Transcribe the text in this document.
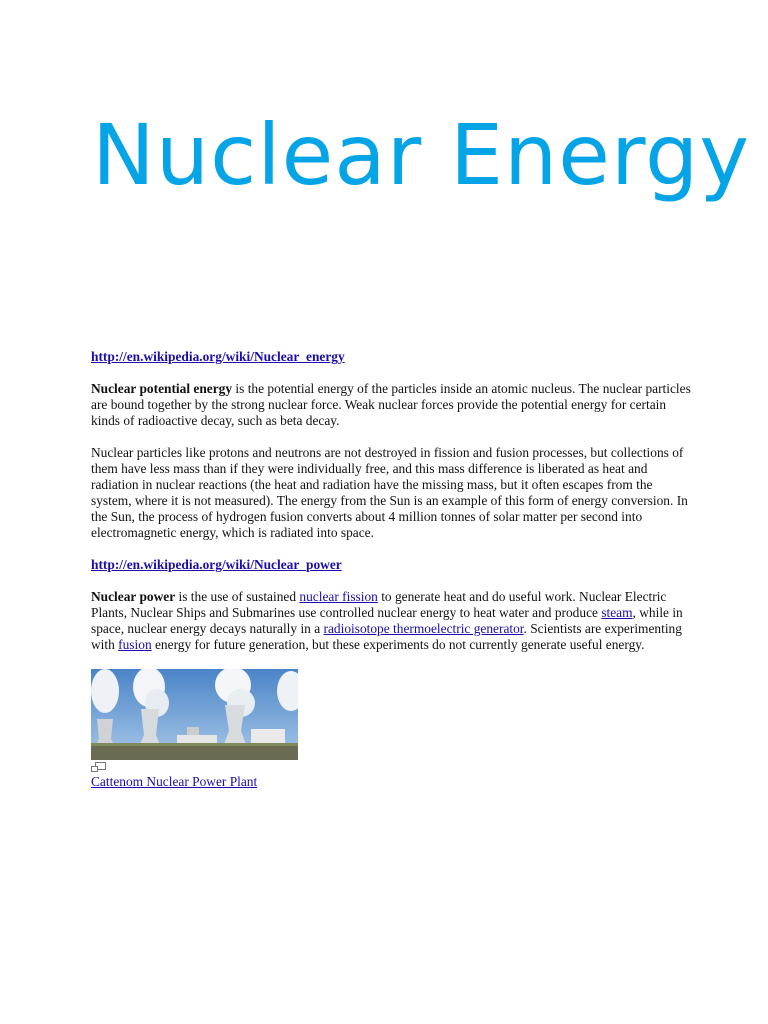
Nuclear Energy

http://en.wikipedia.org/wiki/Nuclear_energy

Nuclear potential energy is the potential energy of the particles inside an atomic nucleus. The nuclear particles are bound together by the strong nuclear force. Weak nuclear forces provide the potential energy for certain kinds of radioactive decay, such as beta decay.

Nuclear particles like protons and neutrons are not destroyed in fission and fusion processes, but collections of them have less mass than if they were individually free, and this mass difference is liberated as heat and radiation in nuclear reactions (the heat and radiation have the missing mass, but it often escapes from the system, where it is not measured). The energy from the Sun is an example of this form of energy conversion. In the Sun, the process of hydrogen fusion converts about 4 million tonnes of solar matter per second into electromagnetic energy, which is radiated into space.

http://en.wikipedia.org/wiki/Nuclear_power

Nuclear power is the use of sustained nuclear fission to generate heat and do useful work. Nuclear Electric Plants, Nuclear Ships and Submarines use controlled nuclear energy to heat water and produce steam, while in space, nuclear energy decays naturally in a radioisotope thermoelectric generator. Scientists are experimenting with fusion energy for future generation, but these experiments do not currently generate useful energy.

Cattenom Nuclear Power Plant
